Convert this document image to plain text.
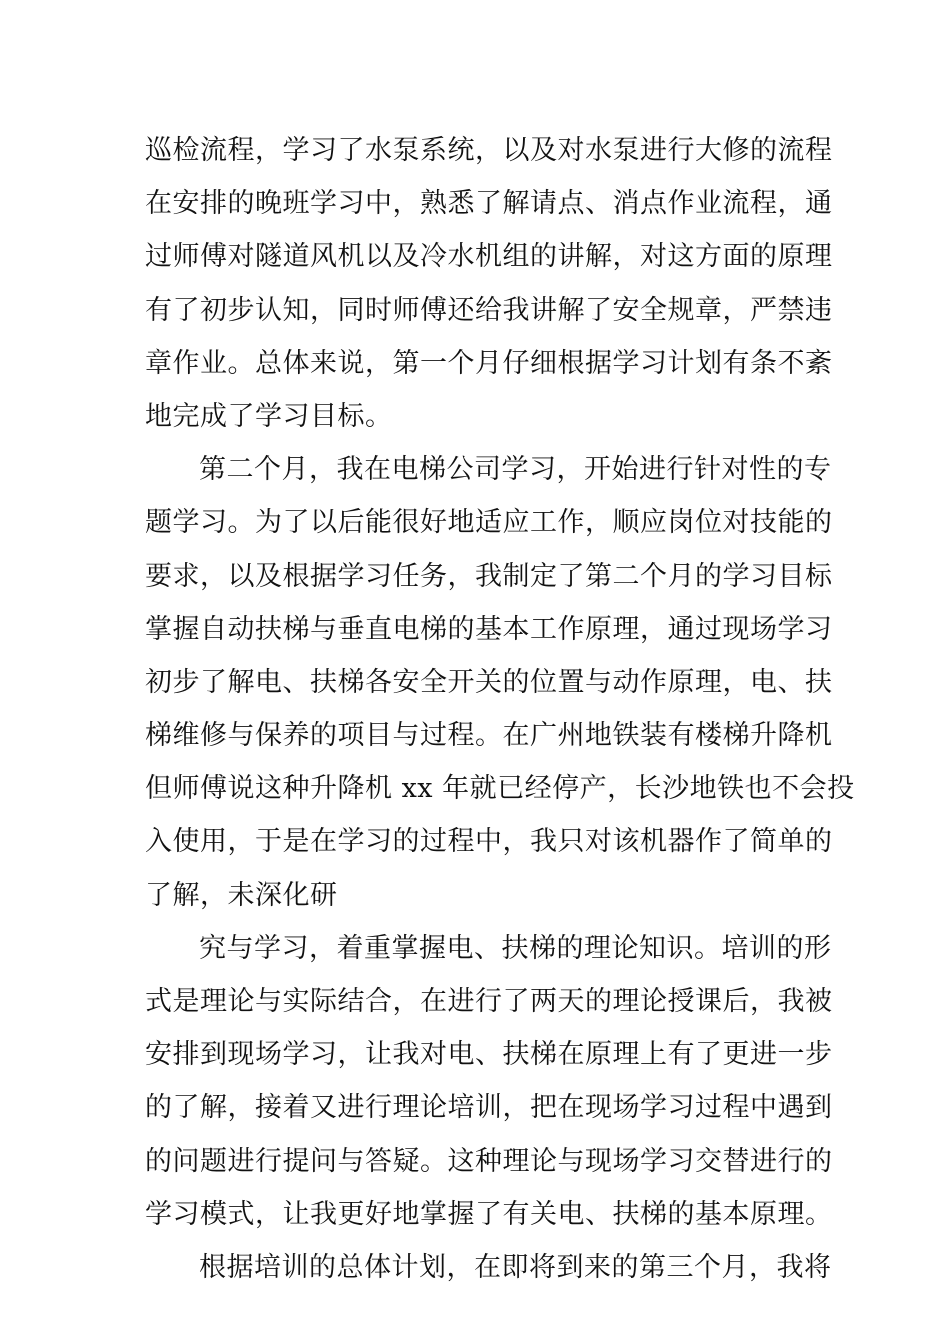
巡检流程，学习了水泵系统，以及对水泵进行大修的流程
在安排的晚班学习中，熟悉了解请点、消点作业流程，通
过师傅对隧道风机以及冷水机组的讲解，对这方面的原理
有了初步认知，同时师傅还给我讲解了安全规章，严禁违
章作业。总体来说，第一个月仔细根据学习计划有条不紊
地完成了学习目标。
第二个月，我在电梯公司学习，开始进行针对性的专
题学习。为了以后能很好地适应工作，顺应岗位对技能的
要求，以及根据学习任务，我制定了第二个月的学习目标
掌握自动扶梯与垂直电梯的基本工作原理，通过现场学习
初步了解电、扶梯各安全开关的位置与动作原理，电、扶
梯维修与保养的项目与过程。在广州地铁装有楼梯升降机
但师傅说这种升降机 xx 年就已经停产，长沙地铁也不会投
入使用，于是在学习的过程中，我只对该机器作了简单的
了解，未深化研
究与学习，着重掌握电、扶梯的理论知识。培训的形
式是理论与实际结合，在进行了两天的理论授课后，我被
安排到现场学习，让我对电、扶梯在原理上有了更进一步
的了解，接着又进行理论培训，把在现场学习过程中遇到
的问题进行提问与答疑。这种理论与现场学习交替进行的
学习模式，让我更好地掌握了有关电、扶梯的基本原理。
根据培训的总体计划，在即将到来的第三个月，我将
